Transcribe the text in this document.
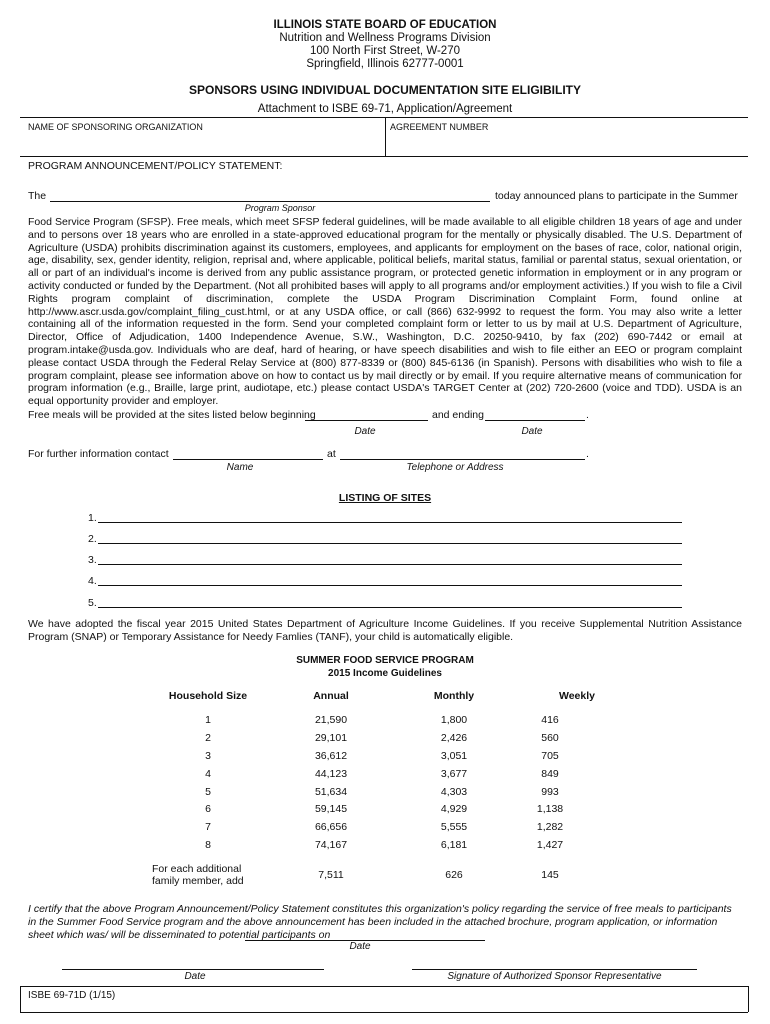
ILLINOIS STATE BOARD OF EDUCATION
Nutrition and Wellness Programs Division
100 North First Street, W-270
Springfield, Illinois 62777-0001
SPONSORS USING INDIVIDUAL DOCUMENTATION SITE ELIGIBILITY
Attachment to ISBE 69-71, Application/Agreement
NAME OF SPONSORING ORGANIZATION	AGREEMENT NUMBER
PROGRAM ANNOUNCEMENT/POLICY STATEMENT:
The	today announced plans to participate in the Summer
Program Sponsor
Food Service Program (SFSP). Free meals, which meet SFSP federal guidelines, will be made available to all eligible children 18 years of age and under and to persons over 18 years who are enrolled in a state-approved educational program for the mentally or physically disabled. The U.S. Department of Agriculture (USDA) prohibits discrimination against its customers, employees, and applicants for employment on the bases of race, color, national origin, age, disability, sex, gender identity, religion, reprisal and, where applicable, political beliefs, marital status, familial or parental status, sexual orientation, or all or part of an individual's income is derived from any public assistance program, or protected genetic information in employment or in any program or activity conducted or funded by the Department. (Not all prohibited bases will apply to all programs and/or employment activities.) If you wish to file a Civil Rights program complaint of discrimination, complete the USDA Program Discrimination Complaint Form, found online at http://www.ascr.usda.gov/complaint_filing_cust.html, or at any USDA office, or call (866) 632-9992 to request the form. You may also write a letter containing all of the information requested in the form. Send your completed complaint form or letter to us by mail at U.S. Department of Agriculture, Director, Office of Adjudication, 1400 Independence Avenue, S.W., Washington, D.C. 20250-9410, by fax (202) 690-7442 or email at program.intake@usda.gov. Individuals who are deaf, hard of hearing, or have speech disabilities and wish to file either an EEO or program complaint please contact USDA through the Federal Relay Service at (800) 877-8339 or (800) 845-6136 (in Spanish). Persons with disabilities who wish to file a program complaint, please see information above on how to contact us by mail directly or by email. If you require alternative means of communication for program information (e.g., Braille, large print, audiotape, etc.) please contact USDA's TARGET Center at (202) 720-2600 (voice and TDD). USDA is an equal opportunity provider and employer.
Free meals will be provided at the sites listed below beginning	and ending	.
Date	Date
For further information contact	at	.
Name	Telephone or Address
LISTING OF SITES
1.
2.
3.
4.
5.
We have adopted the fiscal year 2015 United States Department of Agriculture Income Guidelines. If you receive Supplemental Nutrition Assistance Program (SNAP) or Temporary Assistance for Needy Famlies (TANF), your child is automatically eligible.
SUMMER FOOD SERVICE PROGRAM
2015 Income Guidelines
Household Size	Annual	Monthly	Weekly
1	21,590	1,800	416
2	29,101	2,426	560
3	36,612	3,051	705
4	44,123	3,677	849
5	51,634	4,303	993
6	59,145	4,929	1,138
7	66,656	5,555	1,282
8	74,167	6,181	1,427
For each additional
family member, add	7,511	626	145
I certify that the above Program Announcement/Policy Statement constitutes this organization's policy regarding the service of free meals to participants in the Summer Food Service program and the above announcement has been included in the attached brochure, program application, or information sheet which was/ will be disseminated to potential participants on
Date
Date	Signature of Authorized Sponsor Representative
ISBE 69-71D (1/15)
